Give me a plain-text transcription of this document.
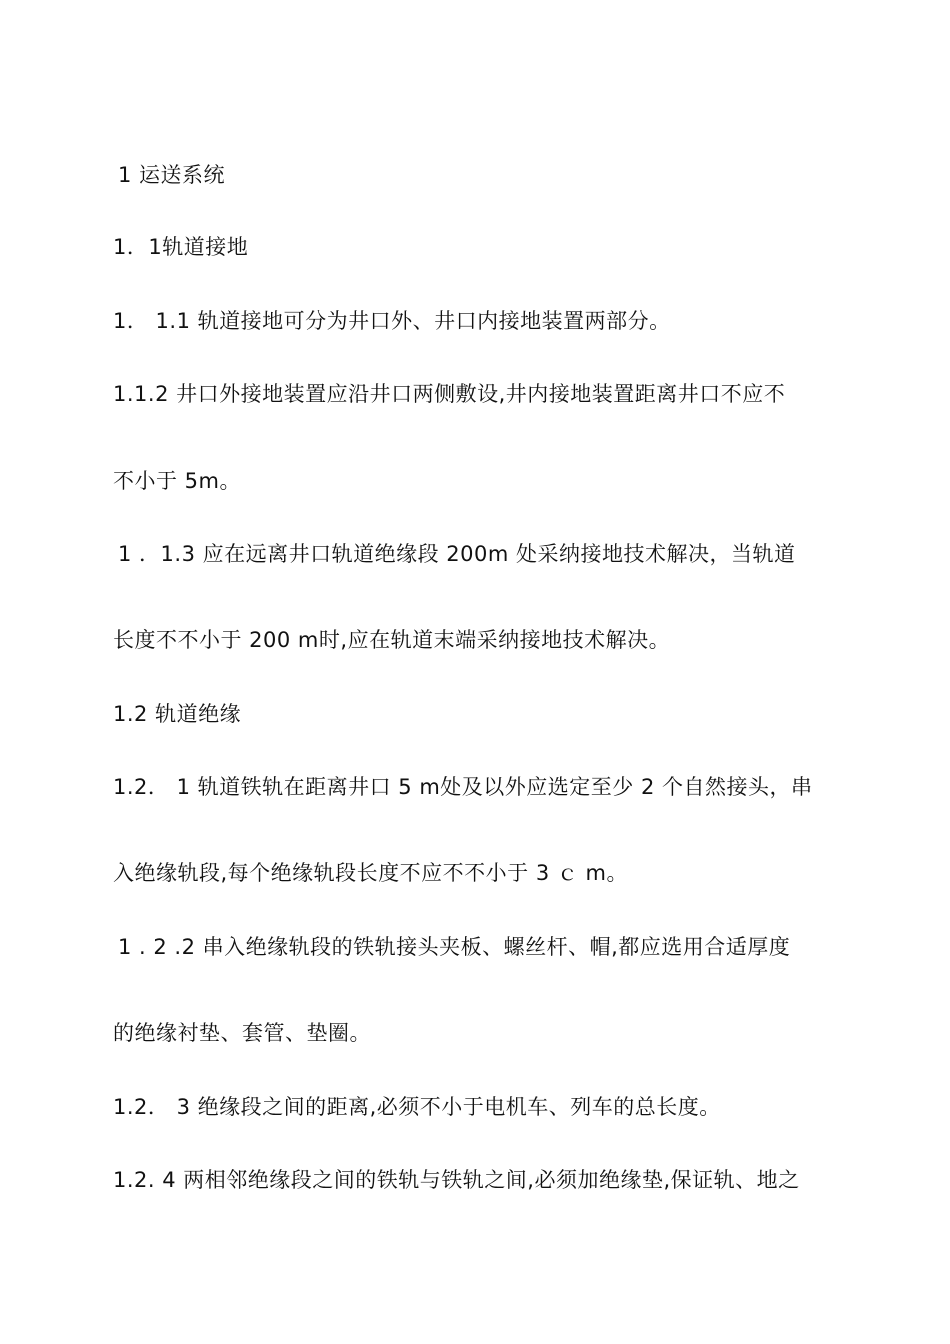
1 运送系统
1．1轨道接地
1． 1.1 轨道接地可分为井口外、井口内接地装置两部分。
1.1.2 井口外接地装置应沿井口两侧敷设,井内接地装置距离井口不应不
不小于 5m。
1 ．1.3 应在远离井口轨道绝缘段 200m 处采纳接地技术解决，当轨道
长度不不小于 200 m时,应在轨道末端采纳接地技术解决。
1.2 轨道绝缘
1.2． 1 轨道铁轨在距离井口 5 m处及以外应选定至少 2 个自然接头，串
入绝缘轨段,每个绝缘轨段长度不应不不小于 3 ｃ m。
1 . 2 .2 串入绝缘轨段的铁轨接头夹板、螺丝杆、帽,都应选用合适厚度
的绝缘衬垫、套管、垫圈。
1.2． 3 绝缘段之间的距离,必须不小于电机车、列车的总长度。
1.2. 4 两相邻绝缘段之间的铁轨与铁轨之间,必须加绝缘垫,保证轨、地之
